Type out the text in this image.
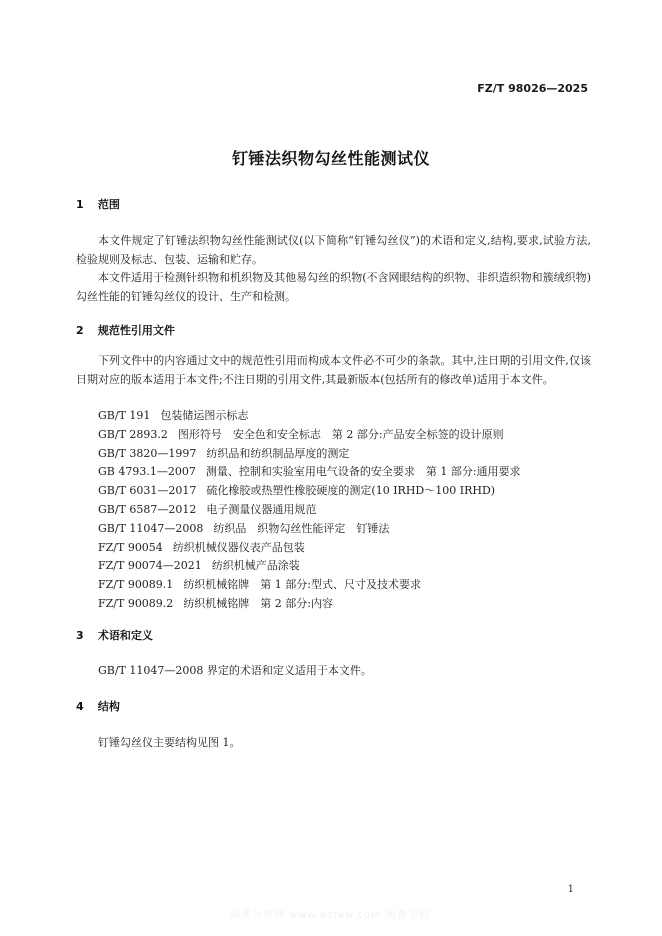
FZ/T 98026—2025
钉锤法织物勾丝性能测试仪
1 范围
本文件规定了钉锤法织物勾丝性能测试仪(以下简称“钉锤勾丝仪”)的术语和定义,结构,要求,试验方法,检验规则及标志、包装、运输和贮存。
本文件适用于检测针织物和机织物及其他易勾丝的织物(不含网眼结构的织物、非织造织物和簇绒织物)勾丝性能的钉锤勾丝仪的设计、生产和检测。
2 规范性引用文件
下列文件中的内容通过文中的规范性引用而构成本文件必不可少的条款。其中,注日期的引用文件,仅该日期对应的版本适用于本文件;不注日期的引用文件,其最新版本(包括所有的修改单)适用于本文件。
GB/T 191 包装储运图示标志
GB/T 2893.2 图形符号　安全色和安全标志　第 2 部分:产品安全标签的设计原则
GB/T 3820—1997 纺织品和纺织制品厚度的测定
GB 4793.1—2007 测量、控制和实验室用电气设备的安全要求　第 1 部分:通用要求
GB/T 6031—2017 硫化橡胶或热塑性橡胶硬度的测定(10 IRHD～100 IRHD)
GB/T 6587—2012 电子测量仪器通用规范
GB/T 11047—2008 纺织品　织物勾丝性能评定　钉锤法
FZ/T 90054 纺织机械仪器仪表产品包装
FZ/T 90074—2021 纺织机械产品涂装
FZ/T 90089.1 纺织机械铭牌　第 1 部分:型式、尺寸及技术要求
FZ/T 90089.2 纺织机械铭牌　第 2 部分:内容
3 术语和定义
GB/T 11047—2008 界定的术语和定义适用于本文件。
4 结构
钉锤勾丝仪主要结构见图 1。
1
标准分享网 www.bzfxw.com 免费下载
